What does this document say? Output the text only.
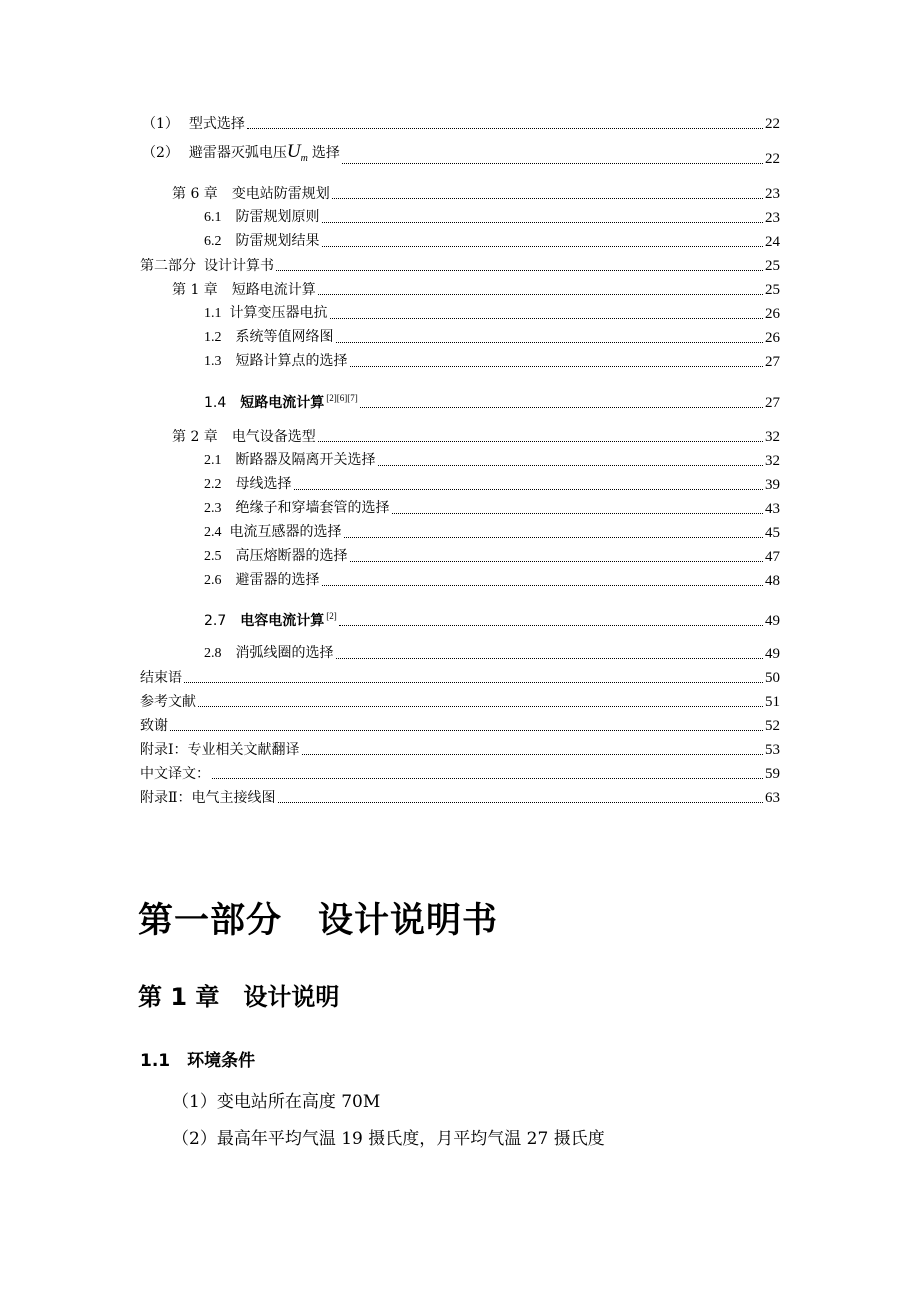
（1） 型式选择	22
（2） 避雷器灭弧电压$U_m$ 选择	22
第 6 章 变电站防雷规划	23
6.1 防雷规划原则	23
6.2 防雷规划结果	24
第二部分 设计计算书	25
第 1 章 短路电流计算	25
1.1 计算变压器电抗	26
1.2 系统等值网络图	26
1.3 短路计算点的选择	27
1.4 短路电流计算 [2][6][7]	27
第 2 章 电气设备选型	32
2.1 断路器及隔离开关选择	32
2.2 母线选择	39
2.3 绝缘子和穿墙套管的选择	43
2.4 电流互感器的选择	45
2.5 高压熔断器的选择	47
2.6 避雷器的选择	48
2.7 电容电流计算 [2]	49
2.8 消弧线圈的选择	49
结束语	50
参考文献	51
致谢	52
附录Ⅰ：专业相关文献翻译	53
中文译文：	59
附录Ⅱ：电气主接线图	63
第一部分　设计说明书
第 1 章　设计说明
1.1　环境条件
（1）变电站所在高度 70M
（2）最高年平均气温 19 摄氏度，月平均气温 27 摄氏度
